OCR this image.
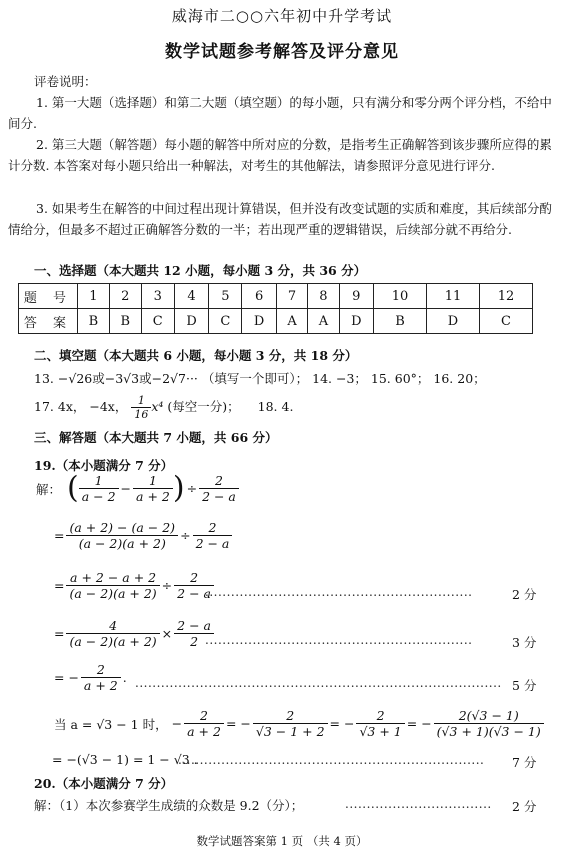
威海市二○○六年初中升学考试
数学试题参考解答及评分意见
评卷说明：
1. 第一大题（选择题）和第二大题（填空题）的每小题，只有满分和零分两个评分档，不给中间分.
2. 第三大题（解答题）每小题的解答中所对应的分数，是指考生正确解答到该步骤所应得的累计分数. 本答案对每小题只给出一种解法，对考生的其他解法，请参照评分意见进行评分.
3. 如果考生在解答的中间过程出现计算错误，但并没有改变试题的实质和难度，其后续部分酌情给分，但最多不超过正确解答分数的一半；若出现严重的逻辑错误，后续部分就不再给分.
一、选择题（本大题共 12 小题，每小题 3 分，共 36 分）
题 号	1	2	3	4	5	6	7	8	9	10	11	12
答 案	B	B	C	D	C	D	A	A	D	B	D	C
二、填空题（本大题共 6 小题，每小题 3 分，共 18 分）
13. −√26或−3√3或−2√7··· （填写一个即可）； 14. −3； 15. 60°； 16. 20；
17. 4x， −4x， $\frac{1}{16} x^4$ (每空一分)； 18. 4.
三、解答题（本大题共 7 小题，共 66 分）
19.（本小题满分 7 分）
解： ( $\frac{1}{a - 2} - \frac{1}{a + 2}$ ) ÷ $\frac{2}{2 - a}$
= $\frac{(a + 2) - (a - 2)}{(a - 2)(a + 2)} \div \frac{2}{2 - a}$
= $\frac{a + 2 - a + 2}{(a - 2)(a + 2)} \div \frac{2}{2 - a}$
..............................................................	2 分
= $\frac{4}{(a - 2)(a + 2)} \times \frac{2 - a}{2}$
..............................................................	3 分
= − $\frac{2}{a + 2}$ . ..................................................................................... 5 分
当 a = √3 − 1 时， − $\frac{2}{a + 2}$ = − $\frac{2}{√3 - 1 + 2}$ = − $\frac{2}{√3 + 1}$ = − $\frac{2(√3 - 1)}{(√3 + 1)(√3 - 1)}$
= −(√3 − 1) = 1 − √3 .
....................................................................... 7 分
20.（本小题满分 7 分）
解：（1）本次参赛学生成绩的众数是 9.2（分）；	.................................. 2 分
数学试题答案第 1 页 （共 4 页）
